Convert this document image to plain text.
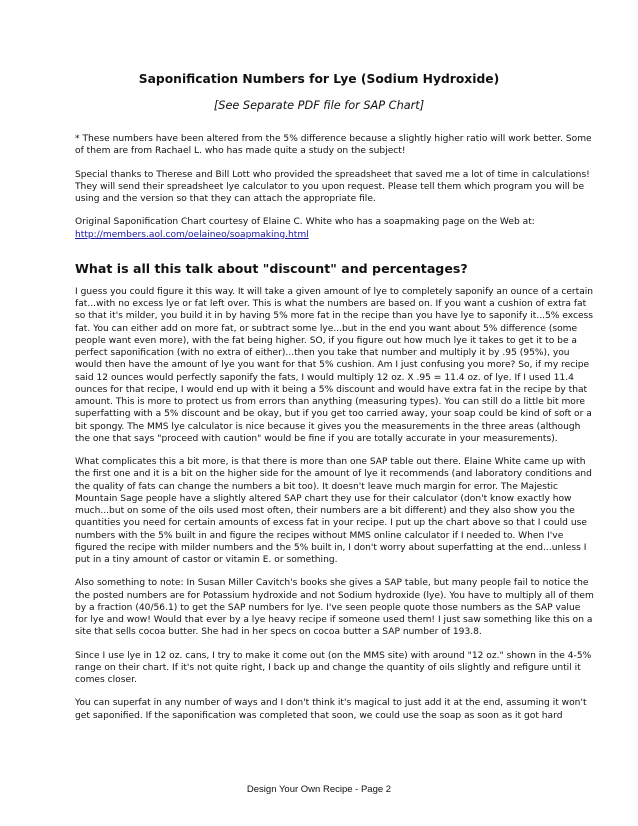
Saponification Numbers for Lye (Sodium Hydroxide)
[See Separate PDF file for SAP Chart]

* These numbers have been altered from the 5% difference because a slightly higher ratio will work better. Some of them are from Rachael L. who has made quite a study on the subject!

Special thanks to Therese and Bill Lott who provided the spreadsheet that saved me a lot of time in calculations! They will send their spreadsheet lye calculator to you upon request. Please tell them which program you will be using and the version so that they can attach the appropriate file.

Original Saponification Chart courtesy of Elaine C. White who has a soapmaking page on the Web at:
http://members.aol.com/oelaineo/soapmaking.html

What is all this talk about "discount" and percentages?

I guess you could figure it this way. It will take a given amount of lye to completely saponify an ounce of a certain fat...with no excess lye or fat left over. This is what the numbers are based on. If you want a cushion of extra fat so that it's milder, you build it in by having 5% more fat in the recipe than you have lye to saponify it...5% excess fat. You can either add on more fat, or subtract some lye...but in the end you want about 5% difference (some people want even more), with the fat being higher. SO, if you figure out how much lye it takes to get it to be a perfect saponification (with no extra of either)...then you take that number and multiply it by .95 (95%), you would then have the amount of lye you want for that 5% cushion. Am I just confusing you more? So, if my recipe said 12 ounces would perfectly saponify the fats, I would multiply 12 oz. X .95 = 11.4 oz. of lye. If I used 11.4 ounces for that recipe, I would end up with it being a 5% discount and would have extra fat in the recipe by that amount. This is more to protect us from errors than anything (measuring types). You can still do a little bit more superfatting with a 5% discount and be okay, but if you get too carried away, your soap could be kind of soft or a bit spongy. The MMS lye calculator is nice because it gives you the measurements in the three areas (although the one that says "proceed with caution" would be fine if you are totally accurate in your measurements).

What complicates this a bit more, is that there is more than one SAP table out there. Elaine White came up with the first one and it is a bit on the higher side for the amount of lye it recommends (and laboratory conditions and the quality of fats can change the numbers a bit too). It doesn't leave much margin for error. The Majestic Mountain Sage people have a slightly altered SAP chart they use for their calculator (don't know exactly how much...but on some of the oils used most often, their numbers are a bit different) and they also show you the quantities you need for certain amounts of excess fat in your recipe. I put up the chart above so that I could use numbers with the 5% built in and figure the recipes without MMS online calculator if I needed to. When I've figured the recipe with milder numbers and the 5% built in, I don't worry about superfatting at the end...unless I put in a tiny amount of castor or vitamin E. or something.

Also something to note: In Susan Miller Cavitch's books she gives a SAP table, but many people fail to notice the the posted numbers are for Potassium hydroxide and not Sodium hydroxide (lye). You have to multiply all of them by a fraction (40/56.1) to get the SAP numbers for lye. I've seen people quote those numbers as the SAP value for lye and wow! Would that ever by a lye heavy recipe if someone used them! I just saw something like this on a site that sells cocoa butter. She had in her specs on cocoa butter a SAP number of 193.8.

Since I use lye in 12 oz. cans, I try to make it come out (on the MMS site) with around "12 oz." shown in the 4-5% range on their chart. If it's not quite right, I back up and change the quantity of oils slightly and refigure until it comes closer.

You can superfat in any number of ways and I don't think it's magical to just add it at the end, assuming it won't get saponified. If the saponification was completed that soon, we could use the soap as soon as it got hard

Design Your Own Recipe - Page 2
